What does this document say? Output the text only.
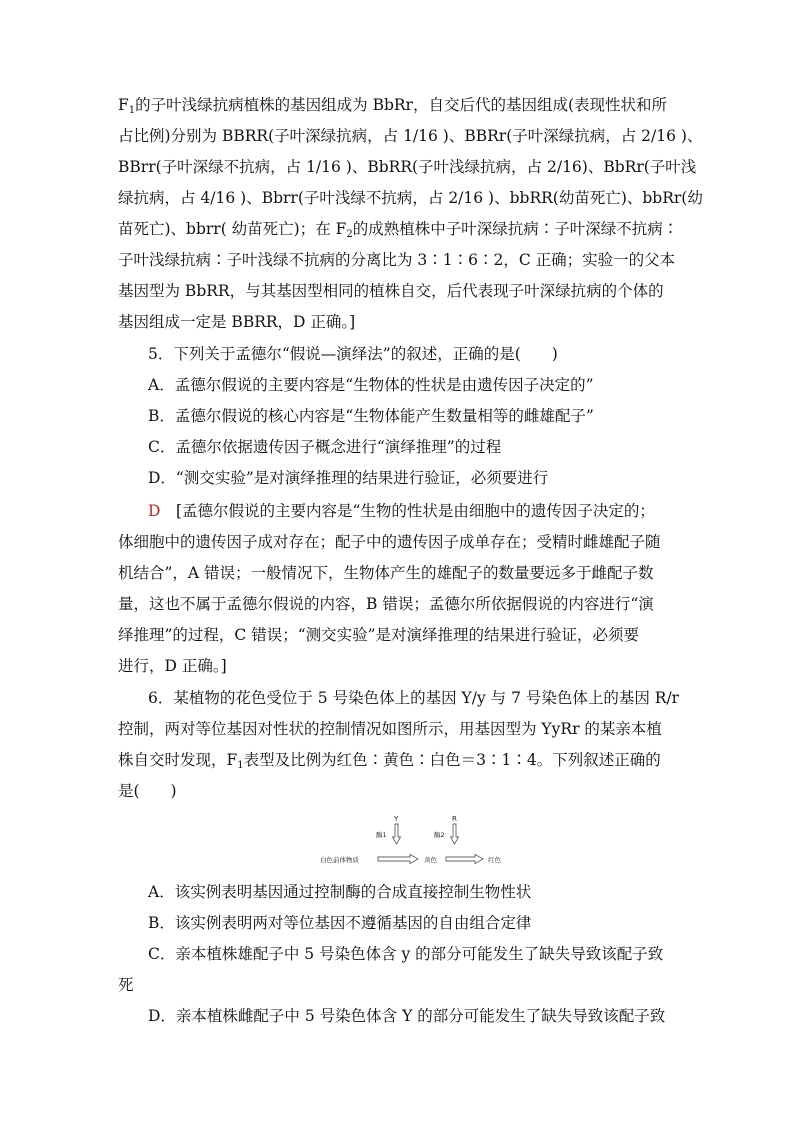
$F_1$的子叶浅绿抗病植株的基因组成为 BbRr，自交后代的基因组成(表现性状和所
占比例)分别为 BBRR(子叶深绿抗病，占 1/16 )、BBRr(子叶深绿抗病，占 2/16 )、
BBrr(子叶深绿不抗病，占 1/16 )、BbRR(子叶浅绿抗病，占 2/16)、BbRr(子叶浅
绿抗病，占 4/16 )、Bbrr(子叶浅绿不抗病，占 2/16 )、bbRR(幼苗死亡)、bbRr(幼
苗死亡)、bbrr( 幼苗死亡)；在 $F_2$的成熟植株中子叶深绿抗病∶子叶深绿不抗病∶
子叶浅绿抗病∶子叶浅绿不抗病的分离比为 3∶1∶6∶2，C 正确；实验一的父本
基因型为 BbRR，与其基因型相同的植株自交，后代表现子叶深绿抗病的个体的
基因组成一定是 BBRR，D 正确。]
5．下列关于孟德尔“假说—演绎法”的叙述，正确的是(　　)
A．孟德尔假说的主要内容是“生物体的性状是由遗传因子决定的”
B．孟德尔假说的核心内容是“生物体能产生数量相等的雌雄配子”
C．孟德尔依据遗传因子概念进行“演绎推理”的过程
D．“测交实验”是对演绎推理的结果进行验证，必须要进行
D　 [孟德尔假说的主要内容是“生物的性状是由细胞中的遗传因子决定的；
体细胞中的遗传因子成对存在；配子中的遗传因子成单存在；受精时雌雄配子随
机结合”，A 错误；一般情况下，生物体产生的雄配子的数量要远多于雌配子数
量，这也不属于孟德尔假说的内容，B 错误；孟德尔所依据假说的内容进行“演
绎推理”的过程，C 错误；“测交实验”是对演绎推理的结果进行验证，必须要
进行，D 正确。]
6．某植物的花色受位于 5 号染色体上的基因 Y/y 与 7 号染色体上的基因 R/r
控制，两对等位基因对性状的控制情况如图所示，用基因型为 YyRr 的某亲本植
株自交时发现，$F_1$表型及比例为红色∶黄色∶白色＝3∶1∶4。下列叙述正确的
是(　　)
Y	R
酶1	酶2
白色前体物质	黄色	红色
A．该实例表明基因通过控制酶的合成直接控制生物性状
B．该实例表明两对等位基因不遵循基因的自由组合定律
C．亲本植株雄配子中 5 号染色体含 y 的部分可能发生了缺失导致该配子致
死
D．亲本植株雌配子中 5 号染色体含 Y 的部分可能发生了缺失导致该配子致
